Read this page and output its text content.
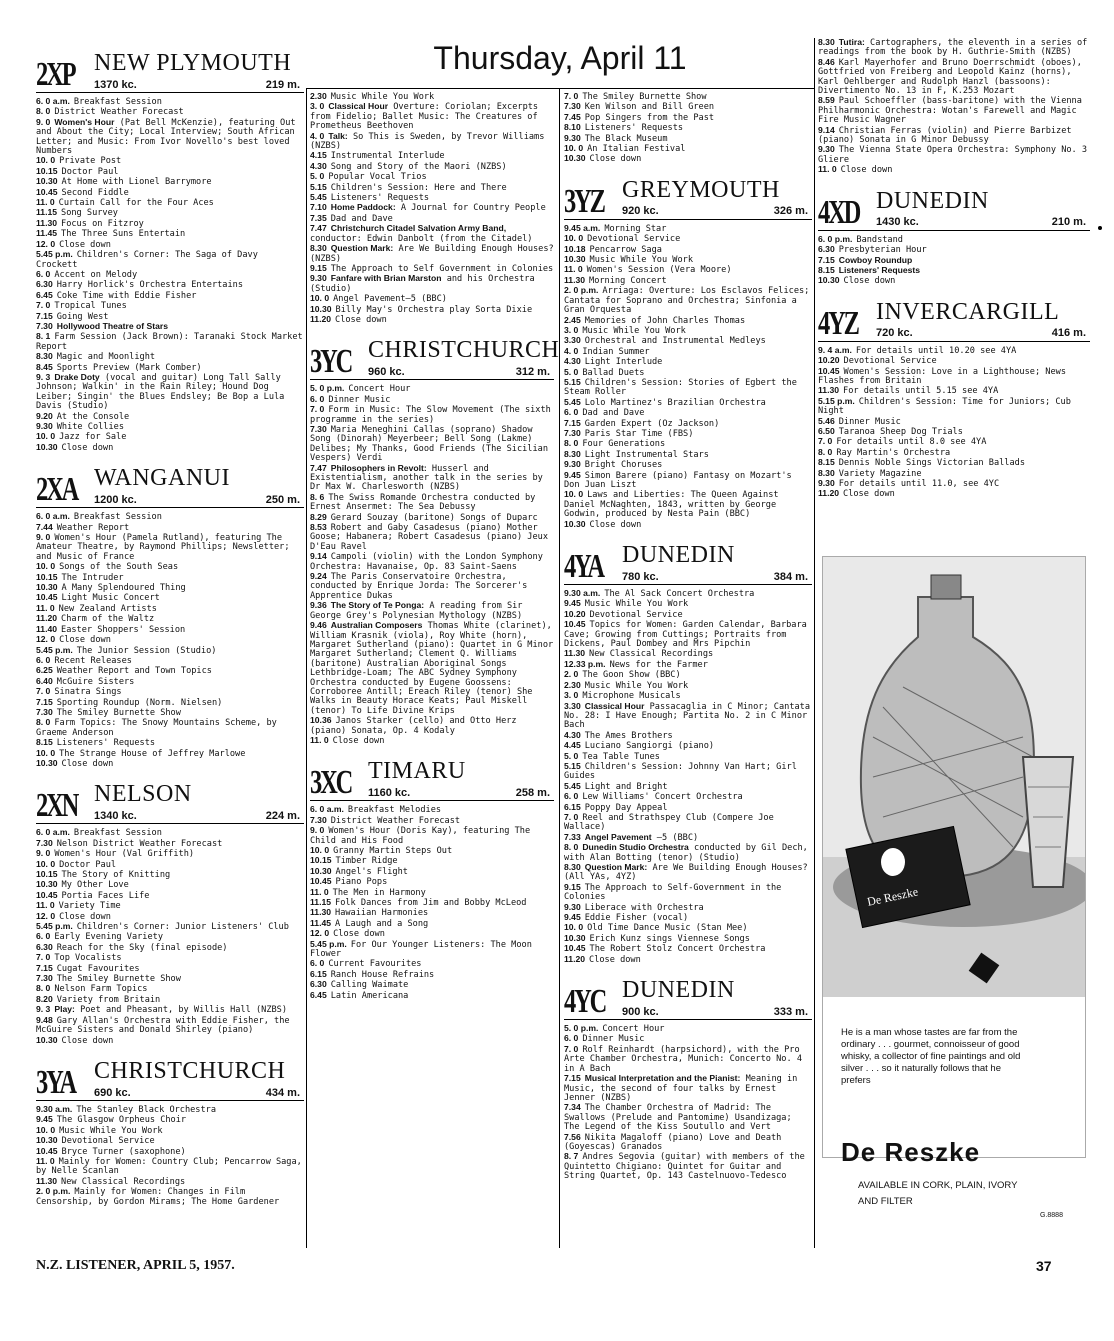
Thursday, April 11
2XP NEW PLYMOUTH
1370 kc.	219 m.
6. 0 a.m. Breakfast Session
8. 0 District Weather Forecast
9. 0 Women's Hour (Pat Bell McKenzie), featuring Out and About the City; Local Interview; South African Letter; and Music: From Ivor Novello's best loved Numbers
10. 0 Private Post
10.15 Doctor Paul
10.30 At Home with Lionel Barrymore
10.45 Second Fiddle
11. 0 Curtain Call for the Four Aces
11.15 Song Survey
11.30 Focus on Fitzroy
11.45 The Three Suns Entertain
12. 0 Close down
5.45 p.m. Children's Corner: The Saga of Davy Crockett
6. 0 Accent on Melody
6.30 Harry Horlick's Orchestra Entertains
6.45 Coke Time with Eddie Fisher
7. 0 Tropical Tunes
7.15 Going West
7.30 Hollywood Theatre of Stars
8. 1 Farm Session (Jack Brown): Taranaki Stock Market Report
8.30 Magic and Moonlight
8.45 Sports Preview (Mark Comber)
9. 3 Drake Doty (vocal and guitar) Long Tall Sally Johnson; Walkin' in the Rain Riley; Hound Dog Leiber; Singin' the Blues Endsley; Be Bop a Lula Davis (Studio)
9.20 At the Console
9.30 White Collies
10. 0 Jazz for Sale
10.30 Close down
2XA WANGANUI
1200 kc.	250 m.
6. 0 a.m. Breakfast Session
7.44 Weather Report
9. 0 Women's Hour (Pamela Rutland), featuring The Amateur Theatre, by Raymond Phillips; Newsletter; and Music of France
10. 0 Songs of the South Seas
10.15 The Intruder
10.30 A Many Splendoured Thing
10.45 Light Music Concert
11. 0 New Zealand Artists
11.20 Charm of the Waltz
11.40 Easter Shoppers' Session
12. 0 Close down
5.45 p.m. The Junior Session (Studio)
6. 0 Recent Releases
6.25 Weather Report and Town Topics
6.40 McGuire Sisters
7. 0 Sinatra Sings
7.15 Sporting Roundup (Norm. Nielsen)
7.30 The Smiley Burnette Show
8. 0 Farm Topics: The Snowy Mountains Scheme, by Graeme Anderson
8.15 Listeners' Requests
10. 0 The Strange House of Jeffrey Marlowe
10.30 Close down
2XN NELSON
1340 kc.	224 m.
6. 0 a.m. Breakfast Session
7.30 Nelson District Weather Forecast
9. 0 Women's Hour (Val Griffith)
10. 0 Doctor Paul
10.15 The Story of Knitting
10.30 My Other Love
10.45 Portia Faces Life
11. 0 Variety Time
12. 0 Close down
5.45 p.m. Children's Corner: Junior Listeners' Club
6. 0 Early Evening Variety
6.30 Reach for the Sky (final episode)
7. 0 Top Vocalists
7.15 Cugat Favourites
7.30 The Smiley Burnette Show
8. 0 Nelson Farm Topics
8.20 Variety from Britain
9. 3 Play: Poet and Pheasant, by Willis Hall (NZBS)
9.48 Gary Allan's Orchestra with Eddie Fisher, the McGuire Sisters and Donald Shirley (piano)
10.30 Close down
3YA CHRISTCHURCH
690 kc.	434 m.
9.30 a.m. The Stanley Black Orchestra
9.45 The Glasgow Orpheus Choir
10. 0 Music While You Work
10.30 Devotional Service
10.45 Bryce Turner (saxophone)
11. 0 Mainly for Women: Country Club; Pencarrow Saga, by Nelle Scanlan
11.30 New Classical Recordings
2. 0 p.m. Mainly for Women: Changes in Film Censorship, by Gordon Mirams; The Home Gardener
2.30 Music While You Work
3. 0 Classical Hour Overture: Coriolan; Excerpts from Fidelio; Ballet Music: The Creatures of Prometheus Beethoven
4. 0 Talk: So This is Sweden, by Trevor Williams (NZBS)
4.15 Instrumental Interlude
4.30 Song and Story of the Maori (NZBS)
5. 0 Popular Vocal Trios
5.15 Children's Session: Here and There
5.45 Listeners' Requests
7.10 Home Paddock: A Journal for Country People
7.35 Dad and Dave
7.47 Christchurch Citadel Salvation Army Band, conductor: Edwin Danbolt (from the Citadel)
8.30 Question Mark: Are We Building Enough Houses? (NZBS)
9.15 The Approach to Self Government in Colonies
9.30 Fanfare with Brian Marston and his Orchestra (Studio)
10. 0 Angel Pavement—5 (BBC)
10.30 Billy May's Orchestra play Sorta Dixie
11.20 Close down
3YC CHRISTCHURCH
960 kc.	312 m.
5. 0 p.m. Concert Hour
6. 0 Dinner Music
7. 0 Form in Music: The Slow Movement (The sixth programme in the series)
7.30 Maria Meneghini Callas (soprano) Shadow Song (Dinorah) Meyerbeer; Bell Song (Lakme) Delibes; My Thanks, Good Friends (The Sicilian Vespers) Verdi
7.47 Philosophers in Revolt: Husserl and Existentialism, another talk in the series by Dr Max W. Charlesworth (NZBS)
8. 6 The Swiss Romande Orchestra conducted by Ernest Ansermet: The Sea Debussy
8.29 Gerard Souzay (baritone) Songs of Duparc
8.53 Robert and Gaby Casadesus (piano) Mother Goose; Habanera; Robert Casadesus (piano) Jeux D'Eau Ravel
9.14 Campoli (violin) with the London Symphony Orchestra: Havanaise, Op. 83 Saint-Saens
9.24 The Paris Conservatoire Orchestra, conducted by Enrique Jorda: The Sorcerer's Apprentice Dukas
9.36 The Story of Te Ponga: A reading from Sir George Grey's Polynesian Mythology (NZBS)
9.46 Australian Composers Thomas White (clarinet), William Krasnik (viola), Roy White (horn), Margaret Sutherland (piano): Quartet in G Minor Margaret Sutherland; Clement Q. Williams (baritone) Australian Aboriginal Songs Lethbridge-Loam; The ABC Sydney Symphony Orchestra conducted by Eugene Goossens: Corroboree Antill; Ereach Riley (tenor) She Walks in Beauty Horace Keats; Paul Miskell (tenor) To Life Divine Krips
10.36 Janos Starker (cello) and Otto Herz (piano) Sonata, Op. 4 Kodaly
11. 0 Close down
3XC TIMARU
1160 kc.	258 m.
6. 0 a.m. Breakfast Melodies
7.30 District Weather Forecast
9. 0 Women's Hour (Doris Kay), featuring The Child and His Food
10. 0 Granny Martin Steps Out
10.15 Timber Ridge
10.30 Angel's Flight
10.45 Piano Pops
11. 0 The Men in Harmony
11.15 Folk Dances from Jim and Bobby McLeod
11.30 Hawaiian Harmonies
11.45 A Laugh and a Song
12. 0 Close down
5.45 p.m. For Our Younger Listeners: The Moon Flower
6. 0 Current Favourites
6.15 Ranch House Refrains
6.30 Calling Waimate
6.45 Latin Americana
7. 0 The Smiley Burnette Show
7.30 Ken Wilson and Bill Green
7.45 Pop Singers from the Past
8.10 Listeners' Requests
9.30 The Black Museum
10. 0 An Italian Festival
10.30 Close down
3YZ GREYMOUTH
920 kc.	326 m.
9.45 a.m. Morning Star
10. 0 Devotional Service
10.18 Pencarrow Saga
10.30 Music While You Work
11. 0 Women's Session (Vera Moore)
11.30 Morning Concert
2. 0 p.m. Arriaga: Overture: Los Esclavos Felices; Cantata for Soprano and Orchestra; Sinfonia a Gran Orquesta
2.45 Memories of John Charles Thomas
3. 0 Music While You Work
3.30 Orchestral and Instrumental Medleys
4. 0 Indian Summer
4.30 Light Interlude
5. 0 Ballad Duets
5.15 Children's Session: Stories of Egbert the Steam Roller
5.45 Lolo Martinez's Brazilian Orchestra
6. 0 Dad and Dave
7.15 Garden Expert (Oz Jackson)
7.30 Paris Star Time (FBS)
8. 0 Four Generations
8.30 Light Instrumental Stars
9.30 Bright Choruses
9.45 Simon Barere (piano) Fantasy on Mozart's Don Juan Liszt
10. 0 Laws and Liberties: The Queen Against Daniel McNaghten, 1843, written by George Godwin, produced by Nesta Pain (BBC)
10.30 Close down
4YA DUNEDIN
780 kc.	384 m.
9.30 a.m. The Al Sack Concert Orchestra
9.45 Music While You Work
10.20 Devotional Service
10.45 Topics for Women: Garden Calendar, Barbara Cave; Growing from Cuttings; Portraits from Dickens, Paul Dombey and Mrs Pipchin
11.30 New Classical Recordings
12.33 p.m. News for the Farmer
2. 0 The Goon Show (BBC)
2.30 Music While You Work
3. 0 Microphone Musicals
3.30 Classical Hour Passacaglia in C Minor; Cantata No. 28: I Have Enough; Partita No. 2 in C Minor Bach
4.30 The Ames Brothers
4.45 Luciano Sangiorgi (piano)
5. 0 Tea Table Tunes
5.15 Children's Session: Johnny Van Hart; Girl Guides
5.45 Light and Bright
6. 0 Lew Williams' Concert Orchestra
6.15 Poppy Day Appeal
7. 0 Reel and Strathspey Club (Compere Joe Wallace)
7.33 Angel Pavement —5 (BBC)
8. 0 Dunedin Studio Orchestra conducted by Gil Dech, with Alan Botting (tenor) (Studio)
8.30 Question Mark: Are We Building Enough Houses? (All YAs, 4YZ)
9.15 The Approach to Self-Government in the Colonies
9.30 Liberace with Orchestra
9.45 Eddie Fisher (vocal)
10. 0 Old Time Dance Music (Stan Mee)
10.30 Erich Kunz sings Viennese Songs
10.45 The Robert Stolz Concert Orchestra
11.20 Close down
4YC DUNEDIN
900 kc.	333 m.
5. 0 p.m. Concert Hour
6. 0 Dinner Music
7. 0 Rolf Reinhardt (harpsichord), with the Pro Arte Chamber Orchestra, Munich: Concerto No. 4 in A Bach
7.15 Musical Interpretation and the Pianist: Meaning in Music, the second of four talks by Ernest Jenner (NZBS)
7.34 The Chamber Orchestra of Madrid: The Swallows (Prelude and Pantomime) Usandizaga; The Legend of the Kiss Soutullo and Vert
7.56 Nikita Magaloff (piano) Love and Death (Goyescas) Granados
8. 7 Andres Segovia (guitar) with members of the Quintetto Chigiano: Quintet for Guitar and String Quartet, Op. 143 Castelnuovo-Tedesco
8.30 Tutira: Cartographers, the eleventh in a series of readings from the book by H. Guthrie-Smith (NZBS)
8.46 Karl Mayerhofer and Bruno Doerrschmidt (oboes), Gottfried von Freiberg and Leopold Kainz (horns), Karl Oehlberger and Rudolph Hanzl (bassoons): Divertimento No. 13 in F, K.253 Mozart
8.59 Paul Schoeffler (bass-baritone) with the Vienna Philharmonic Orchestra: Wotan's Farewell and Magic Fire Music Wagner
9.14 Christian Ferras (violin) and Pierre Barbizet (piano) Sonata in G Minor Debussy
9.30 The Vienna State Opera Orchestra: Symphony No. 3 Gliere
11. 0 Close down
4XD DUNEDIN
1430 kc.	210 m.
6. 0 p.m. Bandstand
6.30 Presbyterian Hour
7.15 Cowboy Roundup
8.15 Listeners' Requests
10.30 Close down
4YZ INVERCARGILL
720 kc.	416 m.
9. 4 a.m. For details until 10.20 see 4YA
10.20 Devotional Service
10.45 Women's Session: Love in a Lighthouse; News Flashes from Britain
11.30 For details until 5.15 see 4YA
5.15 p.m. Children's Session: Time for Juniors; Cub Night
5.46 Dinner Music
6.50 Taranoa Sheep Dog Trials
7. 0 For details until 8.0 see 4YA
8. 0 Ray Martin's Orchestra
8.15 Dennis Noble Sings Victorian Ballads
8.30 Variety Magazine
9.30 For details until 11.0, see 4YC
11.20 Close down
De Reszke
He is a man whose tastes are far from the ordinary . . . gourmet, connoisseur of good whisky, a collector of fine paintings and old silver . . . so it naturally follows that he prefers
De Reszke
AVAILABLE IN CORK, PLAIN, IVORY AND FILTER
G.8888
N.Z. LISTENER, APRIL 5, 1957.	37
